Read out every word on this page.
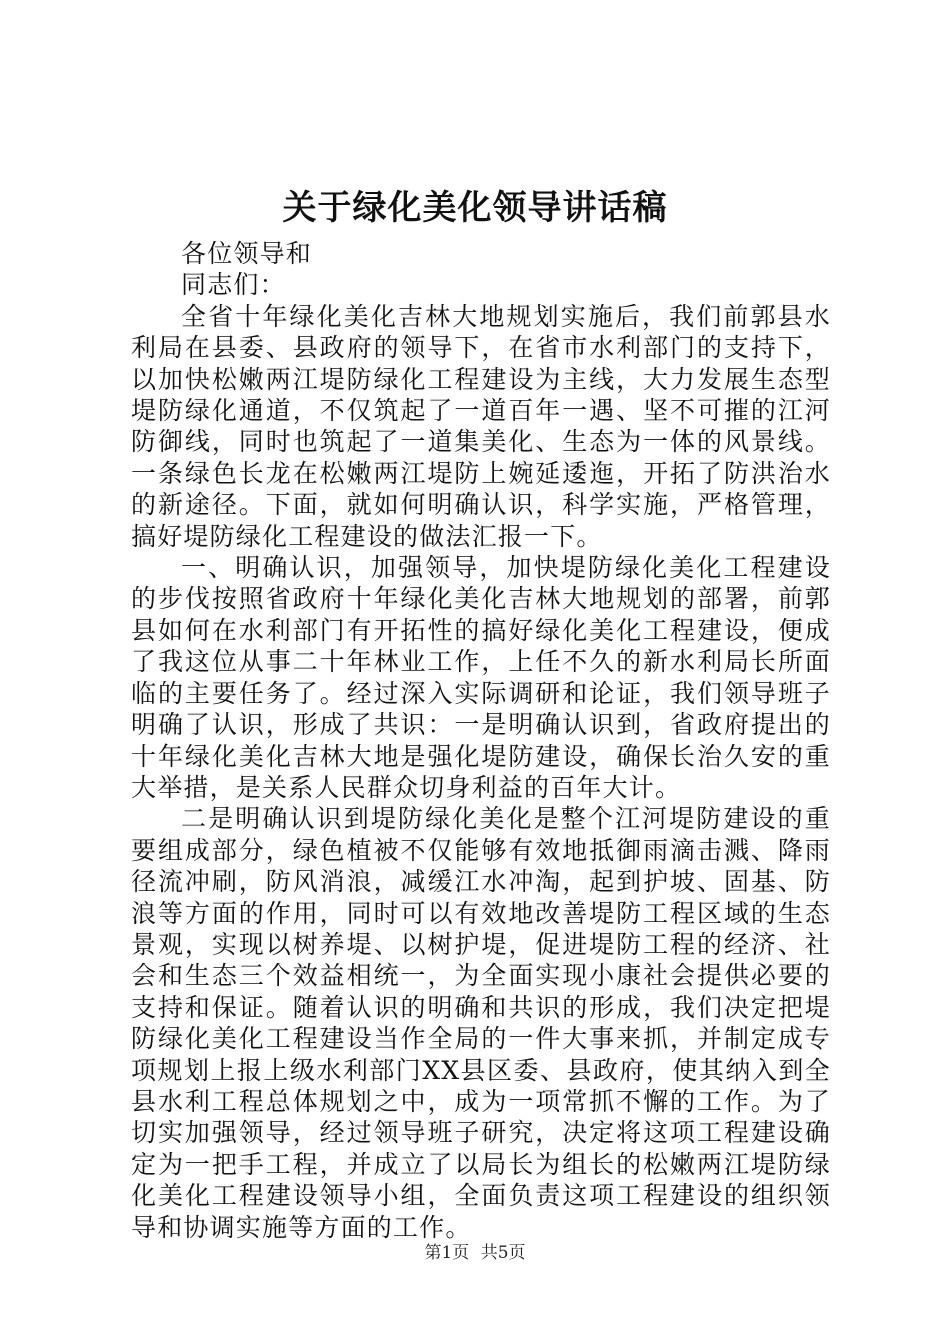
关于绿化美化领导讲话稿

各位领导和

同志们：

全省十年绿化美化吉林大地规划实施后，我们前郭县水利局在县委、县政府的领导下，在省市水利部门的支持下，以加快松嫩两江堤防绿化工程建设为主线，大力发展生态型堤防绿化通道，不仅筑起了一道百年一遇、坚不可摧的江河防御线，同时也筑起了一道集美化、生态为一体的风景线。一条绿色长龙在松嫩两江堤防上婉延逶迤，开拓了防洪治水的新途径。下面，就如何明确认识，科学实施，严格管理，搞好堤防绿化工程建设的做法汇报一下。

一、明确认识，加强领导，加快堤防绿化美化工程建设的步伐按照省政府十年绿化美化吉林大地规划的部署，前郭县如何在水利部门有开拓性的搞好绿化美化工程建设，便成了我这位从事二十年林业工作，上任不久的新水利局长所面临的主要任务了。经过深入实际调研和论证，我们领导班子明确了认识，形成了共识：一是明确认识到，省政府提出的十年绿化美化吉林大地是强化堤防建设，确保长治久安的重大举措，是关系人民群众切身利益的百年大计。

二是明确认识到堤防绿化美化是整个江河堤防建设的重要组成部分，绿色植被不仅能够有效地抵御雨滴击溅、降雨径流冲刷，防风消浪，减缓江水冲淘，起到护坡、固基、防浪等方面的作用，同时可以有效地改善堤防工程区域的生态景观，实现以树养堤、以树护堤，促进堤防工程的经济、社会和生态三个效益相统一，为全面实现小康社会提供必要的支持和保证。随着认识的明确和共识的形成，我们决定把堤防绿化美化工程建设当作全局的一件大事来抓，并制定成专项规划上报上级水利部门XX县区委、县政府，使其纳入到全县水利工程总体规划之中，成为一项常抓不懈的工作。为了切实加强领导，经过领导班子研究，决定将这项工程建设确定为一把手工程，并成立了以局长为组长的松嫩两江堤防绿化美化工程建设领导小组，全面负责这项工程建设的组织领导和协调实施等方面的工作。

第1页 共5页
